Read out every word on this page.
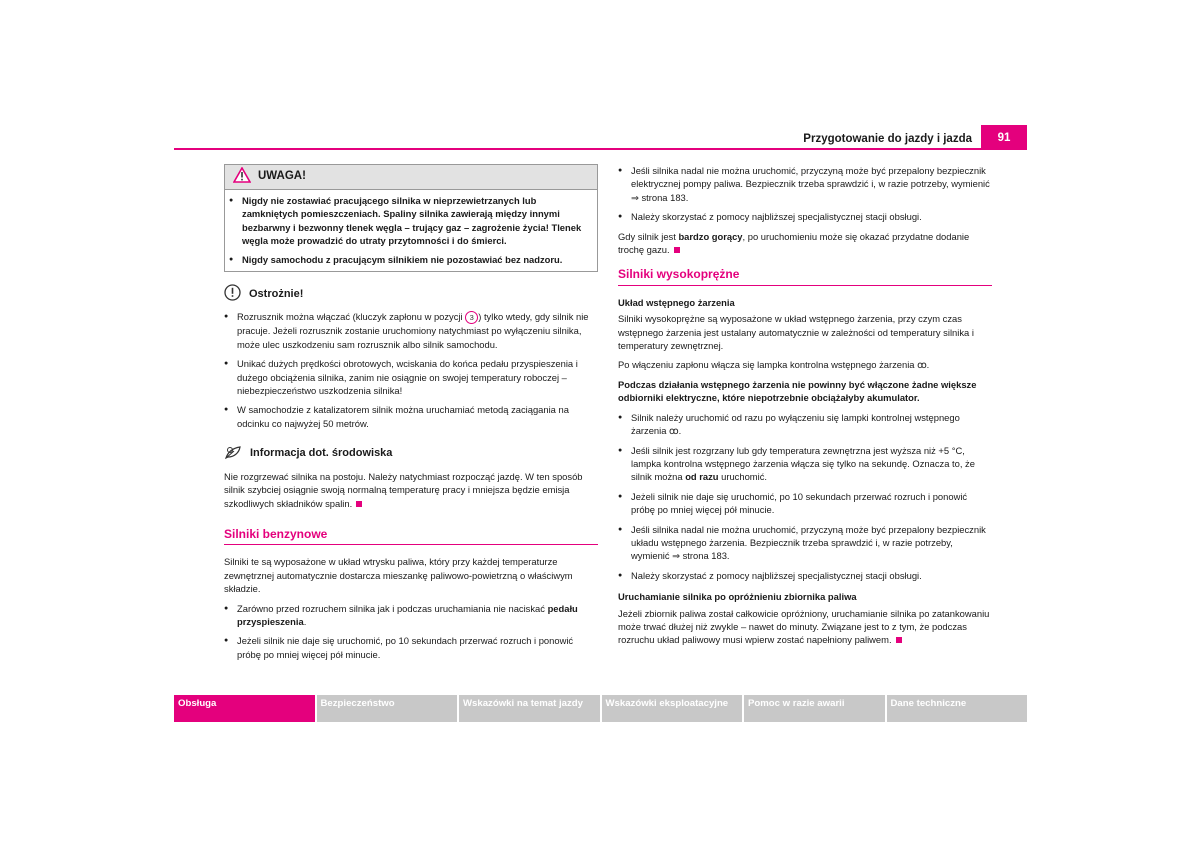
Przygotowanie do jazdy i jazda	91
UWAGA!
● Nigdy nie zostawiać pracującego silnika w nieprzewietrzanych lub zamkniętych pomieszczeniach. Spaliny silnika zawierają między innymi bezbarwny i bezwonny tlenek węgla – trujący gaz – zagrożenie życia! Tlenek węgla może prowadzić do utraty przytomności i do śmierci.
● Nigdy samochodu z pracującym silnikiem nie pozostawiać bez nadzoru.
Ostrożnie!
● Rozrusznik można włączać (kluczyk zapłonu w pozycji 3 ) tylko wtedy, gdy silnik nie pracuje. Jeżeli rozrusznik zostanie uruchomiony natychmiast po wyłączeniu silnika, może ulec uszkodzeniu sam rozrusznik albo silnik samochodu.
● Unikać dużych prędkości obrotowych, wciskania do końca pedału przyspieszenia i dużego obciążenia silnika, zanim nie osiągnie on swojej temperatury roboczej – niebezpieczeństwo uszkodzenia silnika!
● W samochodzie z katalizatorem silnik można uruchamiać metodą zaciągania na odcinku co najwyżej 50 metrów.
Informacja dot. środowiska

Nie rozgrzewać silnika na postoju. Należy natychmiast rozpocząć jazdę. W ten sposób silnik szybciej osiągnie swoją normalną temperaturę pracy i mniejsza będzie emisja szkodliwych składników spalin.

Silniki benzynowe

Silniki te są wyposażone w układ wtrysku paliwa, który przy każdej temperaturze zewnętrznej automatycznie dostarcza mieszankę paliwowo-powietrzną o właściwym składzie.

● Zarówno przed rozruchem silnika jak i podczas uruchamiania nie naciskać pedału przyspieszenia.
● Jeżeli silnik nie daje się uruchomić, po 10 sekundach przerwać rozruch i ponowić próbę po mniej więcej pół minucie.
● Jeśli silnika nadal nie można uruchomić, przyczyną może być przepalony bezpiecznik elektrycznej pompy paliwa. Bezpiecznik trzeba sprawdzić i, w razie potrzeby, wymienić ⇒ strona 183.
● Należy skorzystać z pomocy najbliższej specjalistycznej stacji obsługi.

Gdy silnik jest bardzo gorący, po uruchomieniu może się okazać przydatne dodanie trochę gazu.

Silniki wysokoprężne
Układ wstępnego żarzenia

Silniki wysokoprężne są wyposażone w układ wstępnego żarzenia, przy czym czas wstępnego żarzenia jest ustalany automatycznie w zależności od temperatury silnika i temperatury zewnętrznej.

Po włączeniu zapłonu włącza się lampka kontrolna wstępnego żarzenia ꝏ.

Podczas działania wstępnego żarzenia nie powinny być włączone żadne większe odbiorniki elektryczne, które niepotrzebnie obciążałyby akumulator.

● Silnik należy uruchomić od razu po wyłączeniu się lampki kontrolnej wstępnego żarzenia ꝏ.
● Jeśli silnik jest rozgrzany lub gdy temperatura zewnętrzna jest wyższa niż +5 °C, lampka kontrolna wstępnego żarzenia włącza się tylko na sekundę. Oznacza to, że silnik można od razu uruchomić.
● Jeżeli silnik nie daje się uruchomić, po 10 sekundach przerwać rozruch i ponowić próbę po mniej więcej pół minucie.
● Jeśli silnika nadal nie można uruchomić, przyczyną może być przepalony bezpiecznik układu wstępnego żarzenia. Bezpiecznik trzeba sprawdzić i, w razie potrzeby, wymienić ⇒ strona 183.
● Należy skorzystać z pomocy najbliższej specjalistycznej stacji obsługi.
Uruchamianie silnika po opróżnieniu zbiornika paliwa

Jeżeli zbiornik paliwa został całkowicie opróżniony, uruchamianie silnika po zatankowaniu może trwać dłużej niż zwykle – nawet do minuty. Związane jest to z tym, że podczas rozruchu układ paliwowy musi wpierw zostać napełniony paliwem.

Obsługa	Bezpieczeństwo	Wskazówki na temat jazdy	Wskazówki eksploatacyjne	Pomoc w razie awarii	Dane techniczne
